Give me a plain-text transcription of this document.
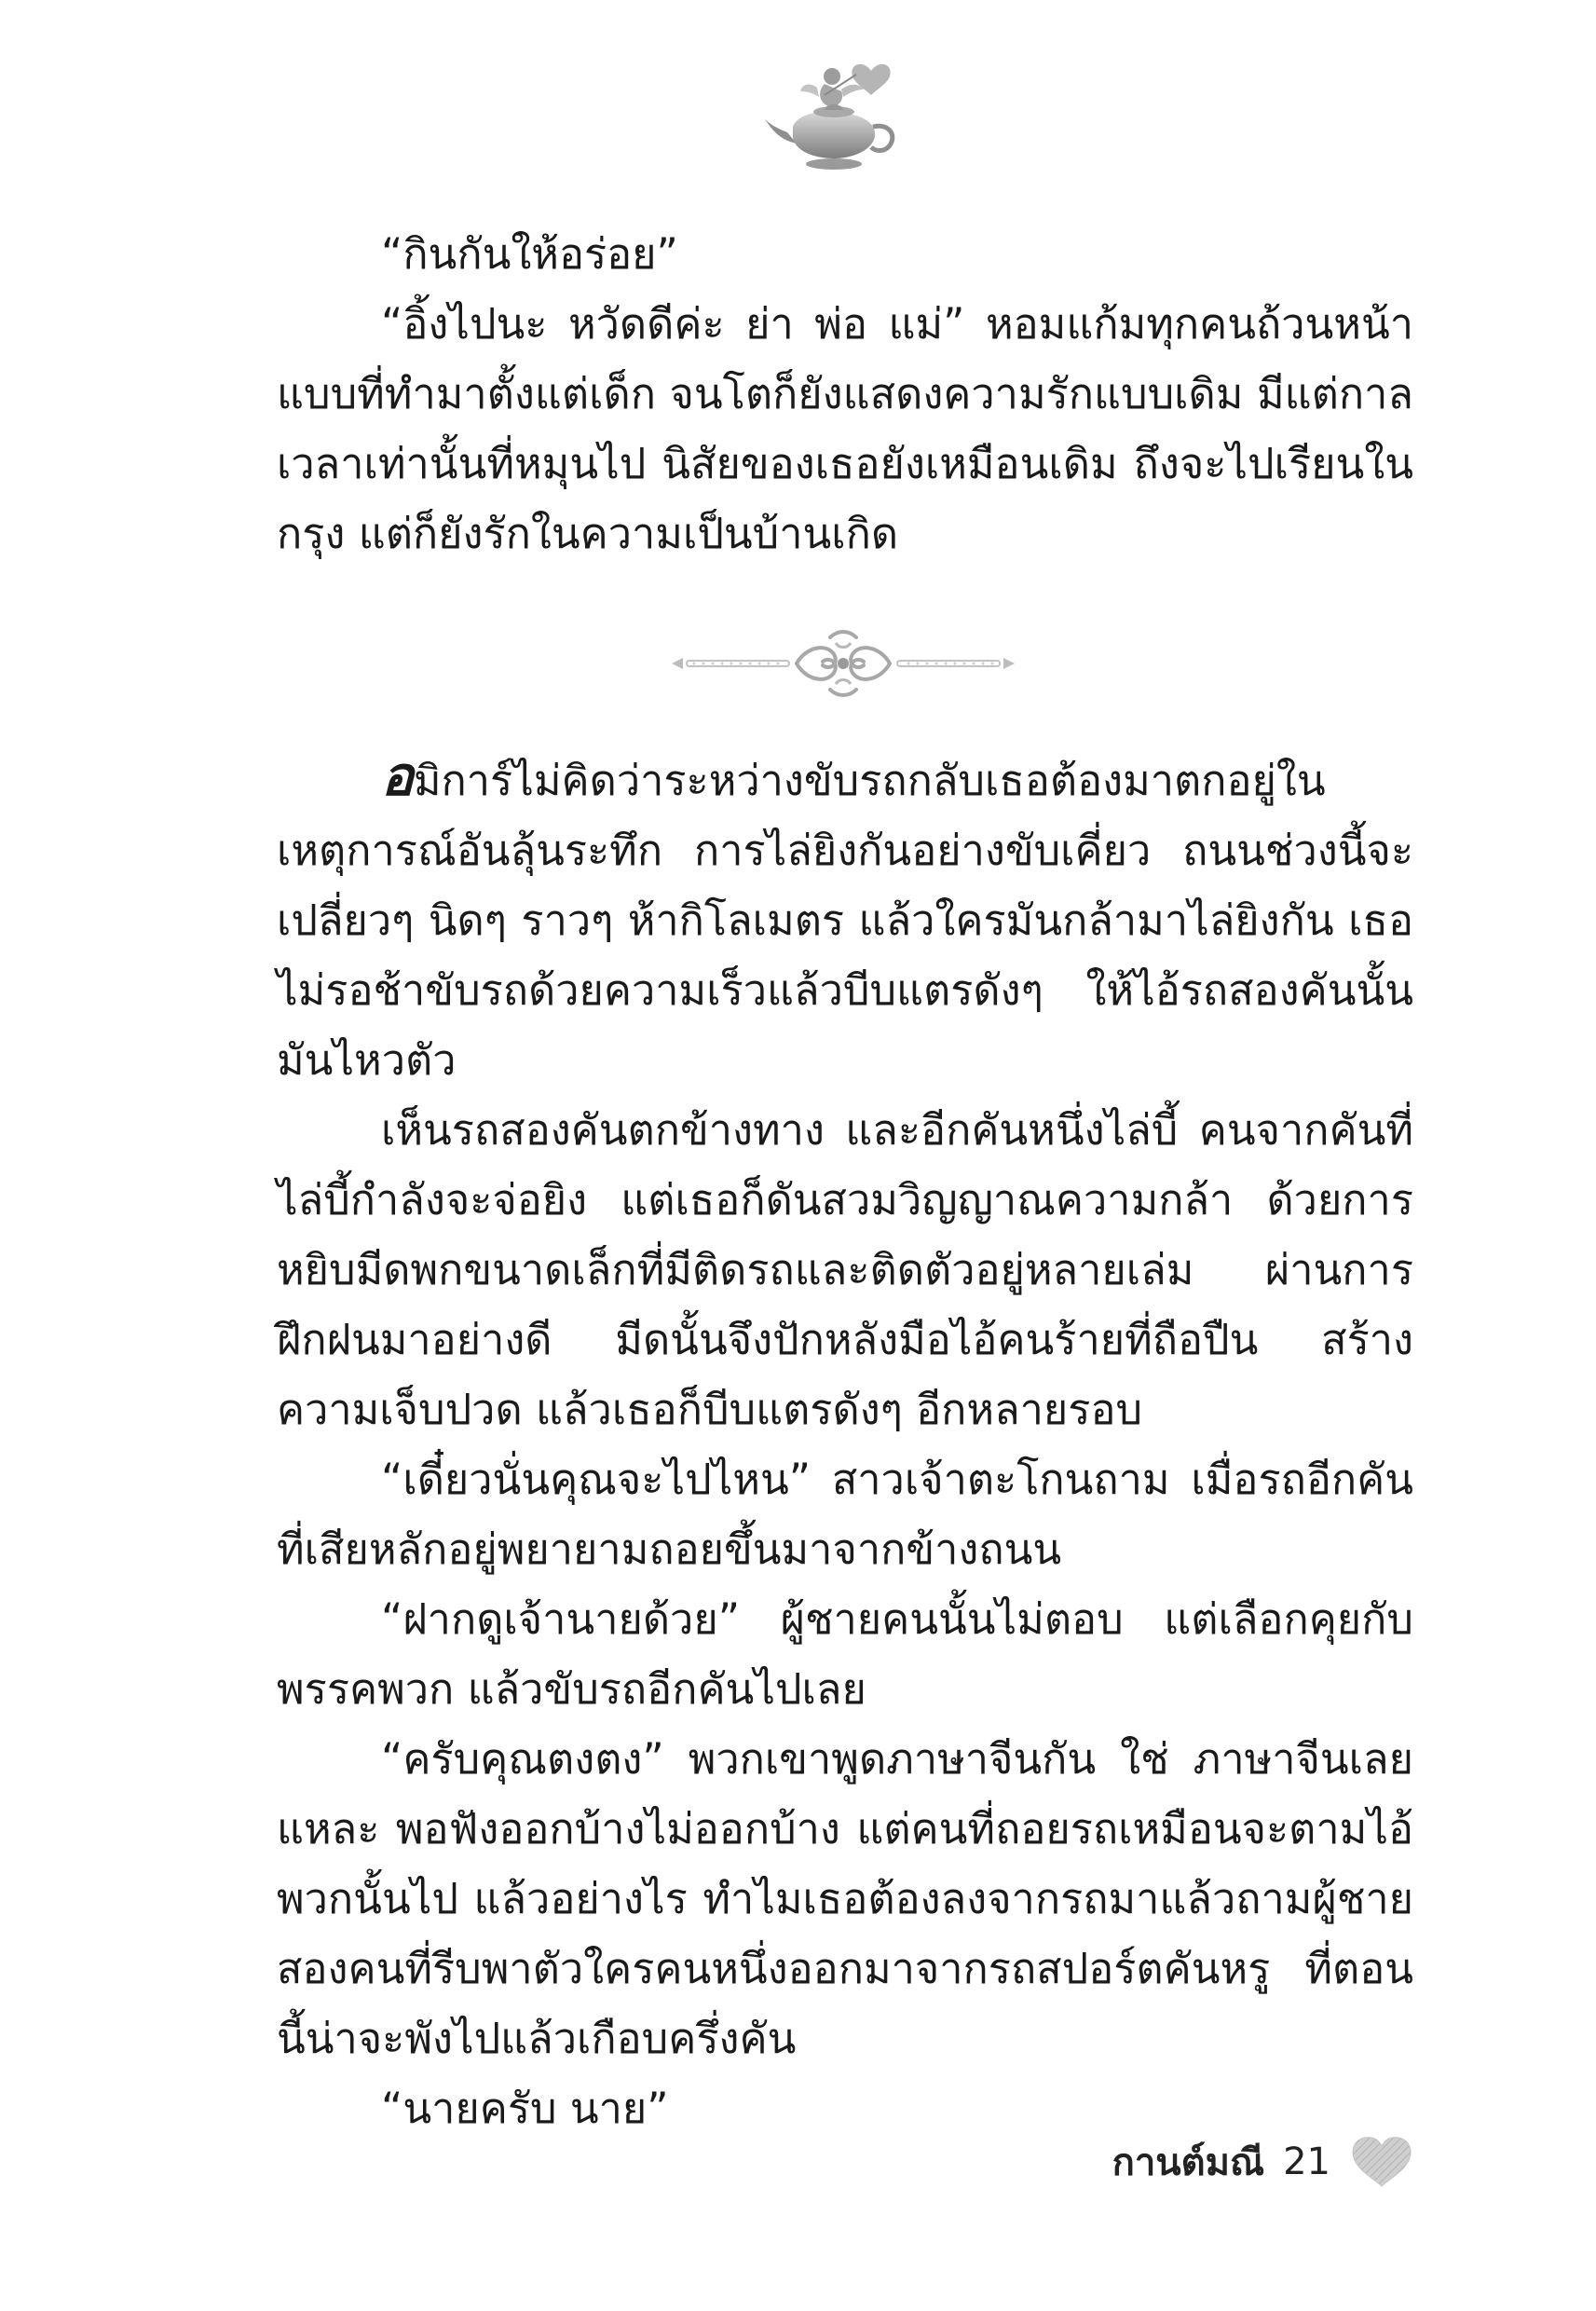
“กินกันให้อร่อย”

“อิ้งไปนะ หวัดดีค่ะ ย่า พ่อ แม่” หอมแก้มทุกคนถ้วนหน้าแบบที่ทำมาตั้งแต่เด็ก จนโตก็ยังแสดงความรักแบบเดิม มีแต่กาลเวลาเท่านั้นที่หมุนไป นิสัยของเธอยังเหมือนเดิม ถึงจะไปเรียนในกรุง แต่ก็ยังรักในความเป็นบ้านเกิด

อมิการ์ไม่คิดว่าระหว่างขับรถกลับเธอต้องมาตกอยู่ในเหตุการณ์อันลุ้นระทึก การไล่ยิงกันอย่างขับเคี่ยว ถนนช่วงนี้จะเปลี่ยวๆ นิดๆ ราวๆ ห้ากิโลเมตร แล้วใครมันกล้ามาไล่ยิงกัน เธอไม่รอช้าขับรถด้วยความเร็วแล้วบีบแตรดังๆ ให้ไอ้รถสองคันนั้นมันไหวตัว

เห็นรถสองคันตกข้างทาง และอีกคันหนึ่งไล่บี้ คนจากคันที่ไล่บี้กำลังจะจ่อยิง แต่เธอก็ดันสวมวิญญาณความกล้า ด้วยการหยิบมีดพกขนาดเล็กที่มีติดรถและติดตัวอยู่หลายเล่ม ผ่านการฝึกฝนมาอย่างดี มีดนั้นจึงปักหลังมือไอ้คนร้ายที่ถือปืน สร้างความเจ็บปวด แล้วเธอก็บีบแตรดังๆ อีกหลายรอบ

“เดี๋ยวนั่นคุณจะไปไหน” สาวเจ้าตะโกนถาม เมื่อรถอีกคันที่เสียหลักอยู่พยายามถอยขึ้นมาจากข้างถนน

“ฝากดูเจ้านายด้วย” ผู้ชายคนนั้นไม่ตอบ แต่เลือกคุยกับพรรคพวก แล้วขับรถอีกคันไปเลย

“ครับคุณตงตง” พวกเขาพูดภาษาจีนกัน ใช่ ภาษาจีนเลยแหละ พอฟังออกบ้างไม่ออกบ้าง แต่คนที่ถอยรถเหมือนจะตามไอ้พวกนั้นไป แล้วอย่างไร ทำไมเธอต้องลงจากรถมาแล้วถามผู้ชายสองคนที่รีบพาตัวใครคนหนึ่งออกมาจากรถสปอร์ตคันหรู ที่ตอนนี้น่าจะพังไปแล้วเกือบครึ่งคัน

“นายครับ นาย”

กานต์มณี 21
